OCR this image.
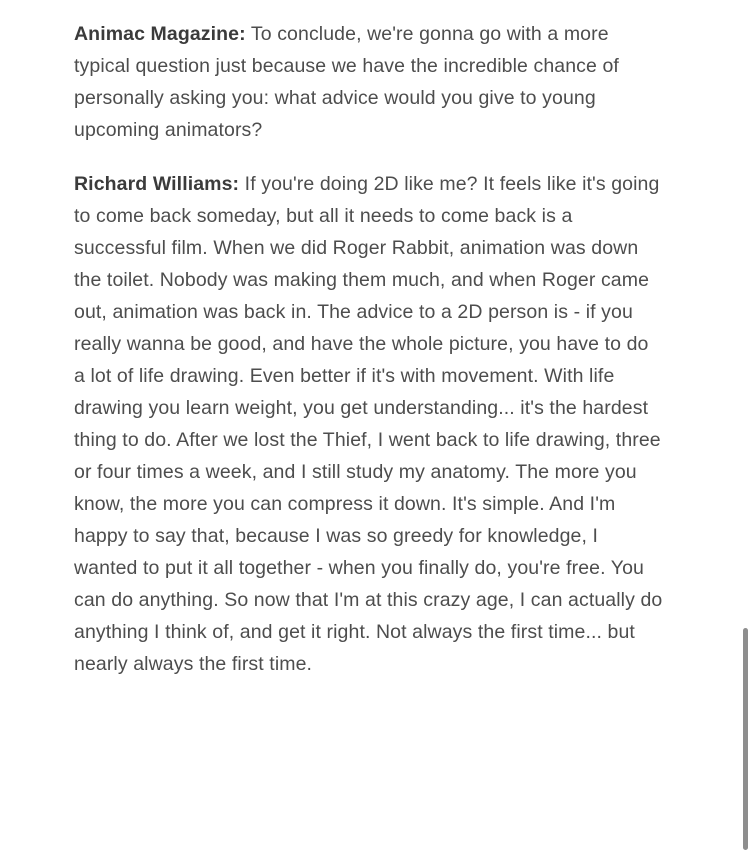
Animac Magazine: To conclude, we're gonna go with a more typical question just because we have the incredible chance of personally asking you: what advice would you give to young upcoming animators?

Richard Williams: If you're doing 2D like me? It feels like it's going to come back someday, but all it needs to come back is a successful film. When we did Roger Rabbit, animation was down the toilet. Nobody was making them much, and when Roger came out, animation was back in. The advice to a 2D person is - if you really wanna be good, and have the whole picture, you have to do a lot of life drawing. Even better if it's with movement. With life drawing you learn weight, you get understanding... it's the hardest thing to do. After we lost the Thief, I went back to life drawing, three or four times a week, and I still study my anatomy. The more you know, the more you can compress it down. It's simple. And I'm happy to say that, because I was so greedy for knowledge, I wanted to put it all together - when you finally do, you're free. You can do anything. So now that I'm at this crazy age, I can actually do anything I think of, and get it right. Not always the first time... but nearly always the first time.
